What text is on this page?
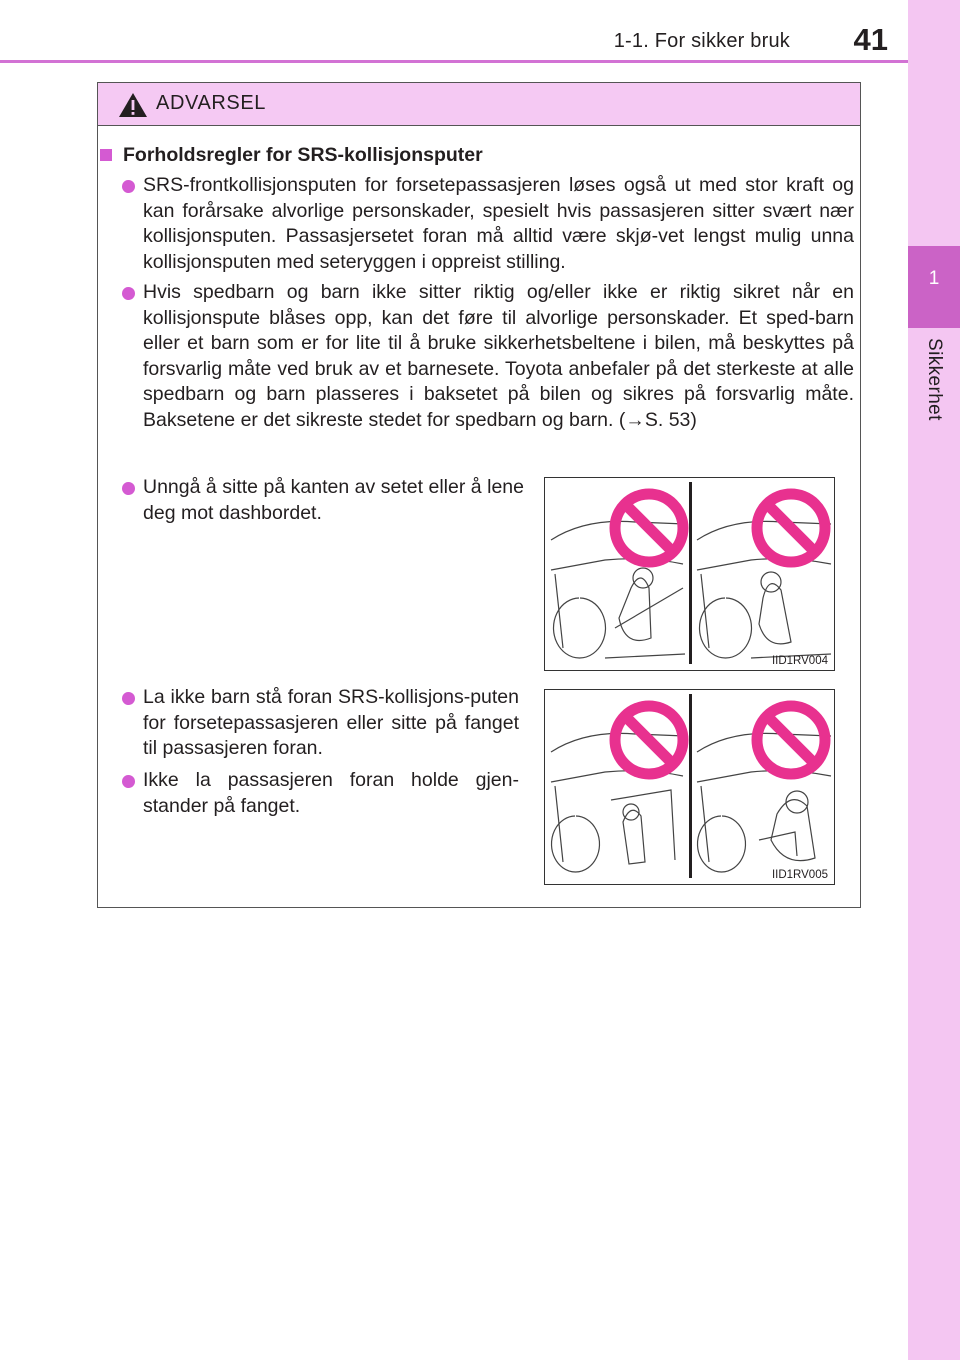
1-1. For sikker bruk 41
1
Sikkerhet
ADVARSEL
Forholdsregler for SRS-kollisjonsputer
SRS-frontkollisjonsputen for forsetepassasjeren løses også ut med stor kraft og kan forårsake alvorlige personskader, spesielt hvis passasjeren sitter svært nær kollisjonsputen. Passasjersetet foran må alltid være skjø-vet lengst mulig unna kollisjonsputen med seteryggen i oppreist stilling.
Hvis spedbarn og barn ikke sitter riktig og/eller ikke er riktig sikret når en kollisjonspute blåses opp, kan det føre til alvorlige personskader. Et sped-barn eller et barn som er for lite til å bruke sikkerhetsbeltene i bilen, må beskyttes på forsvarlig måte ved bruk av et barnesete. Toyota anbefaler på det sterkeste at alle spedbarn og barn plasseres i baksetet på bilen og sikres på forsvarlig måte. Baksetene er det sikreste stedet for spedbarn og barn. (→S. 53)
Unngå å sitte på kanten av setet eller å lene deg mot dashbordet.
La ikke barn stå foran SRS-kollisjons-puten for forsetepassasjeren eller sitte på fanget til passasjeren foran.
Ikke la passasjeren foran holde gjen-stander på fanget.
IID1RV004
IID1RV005
